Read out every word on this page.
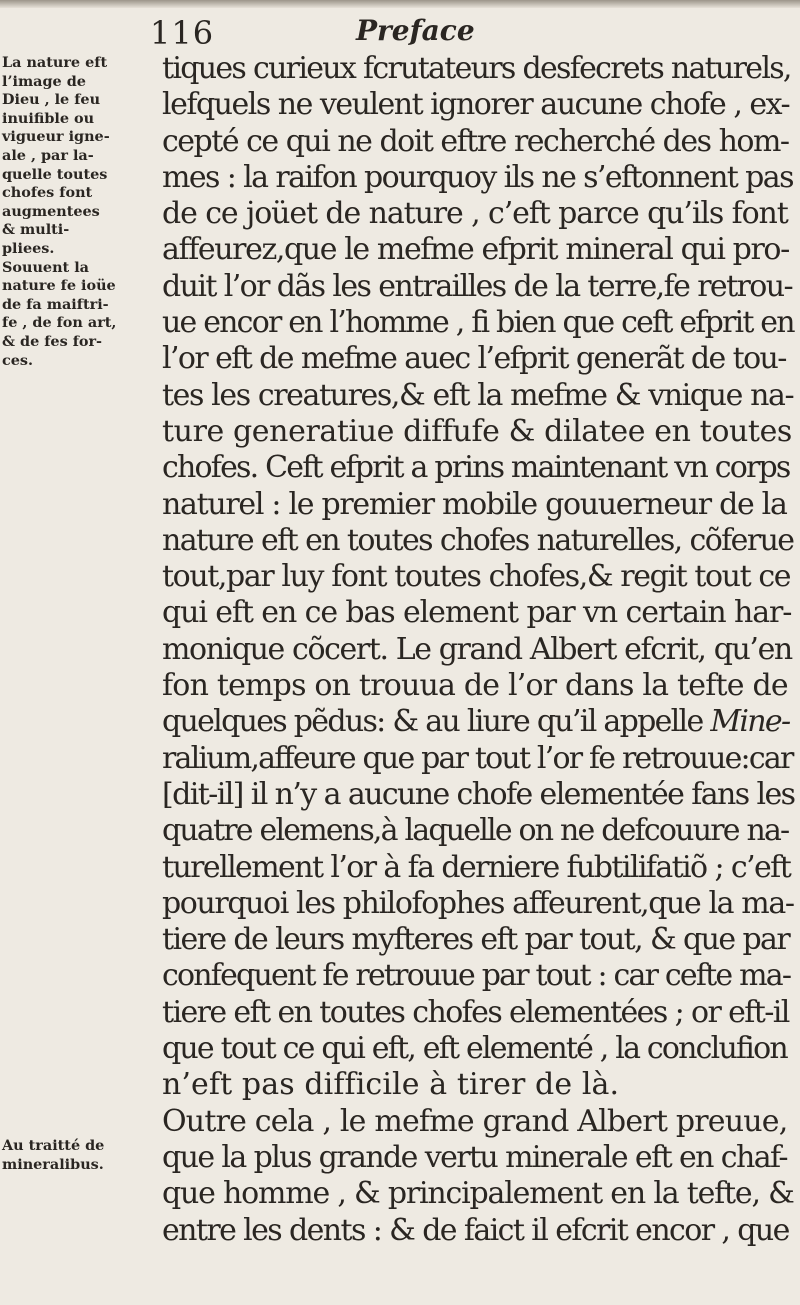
116	Preface
La nature eft
l’image de
Dieu , le feu
inuifible ou
vigueur igne-
ale , par la-
quelle toutes
chofes font
augmentees
& multi-
pliees.
Souuent la
nature fe ioüe
de fa maiftri-
fe , de fon art,
& de fes for-
ces.
Au traitté de
mineralibus.
tiques curieux fcrutateurs desfecrets naturels,
lefquels ne veulent ignorer aucune chofe , ex-
cepté ce qui ne doit eftre recherché des hom-
mes : la raifon pourquoy ils ne s’eftonnent pas
de ce joüet de nature , c’eft parce qu’ils font
affeurez,que le mefme efprit mineral qui pro-
duit l’or dãs les entrailles de la terre,fe retrou-
ue encor en l’homme , fi bien que ceft efprit en
l’or eft de mefme auec l’efprit generãt de tou-
tes les creatures,& eft la mefme & vnique na-
ture generatiue diffufe & dilatee en toutes
chofes. Ceft efprit a prins maintenant vn corps
naturel : le premier mobile gouuerneur de la
nature eft en toutes chofes naturelles, cõferue
tout,par luy font toutes chofes,& regit tout ce
qui eft en ce bas element par vn certain har-
monique cõcert. Le grand Albert efcrit, qu’en
fon temps on trouua de l’or dans la tefte de
quelques pẽdus: & au liure qu’il appelle Mine-
ralium,affeure que par tout l’or fe retrouue:car
[dit-il] il n’y a aucune chofe elementée fans les
quatre elemens,à laquelle on ne defcouure na-
turellement l’or à fa derniere fubtilifatiõ ; c’eft
pourquoi les philofophes affeurent,que la ma-
tiere de leurs myfteres eft par tout, & que par
confequent fe retrouue par tout : car cefte ma-
tiere eft en toutes chofes elementées ; or eft-il
que tout ce qui eft, eft elementé , la conclufion
n’eft pas difficile à tirer de là.
Outre cela , le mefme grand Albert preuue,
que la plus grande vertu minerale eft en chaf-
que homme , & principalement en la tefte, &
entre les dents : & de faict il efcrit encor , que
